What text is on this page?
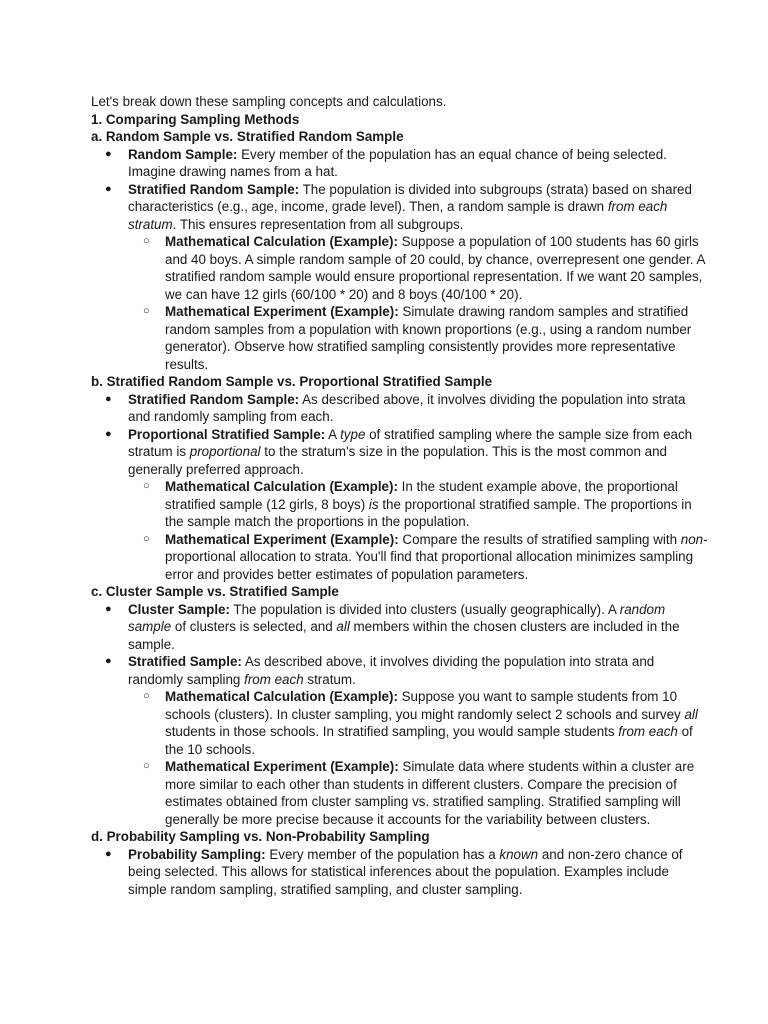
Let's break down these sampling concepts and calculations.

1. Comparing Sampling Methods

a. Random Sample vs. Stratified Random Sample

● Random Sample: Every member of the population has an equal chance of being selected. Imagine drawing names from a hat.
● Stratified Random Sample: The population is divided into subgroups (strata) based on shared characteristics (e.g., age, income, grade level). Then, a random sample is drawn from each stratum. This ensures representation from all subgroups.
○ Mathematical Calculation (Example): Suppose a population of 100 students has 60 girls and 40 boys. A simple random sample of 20 could, by chance, overrepresent one gender. A stratified random sample would ensure proportional representation. If we want 20 samples, we can have 12 girls (60/100 * 20) and 8 boys (40/100 * 20).
○ Mathematical Experiment (Example): Simulate drawing random samples and stratified random samples from a population with known proportions (e.g., using a random number generator). Observe how stratified sampling consistently provides more representative results.

b. Stratified Random Sample vs. Proportional Stratified Sample

● Stratified Random Sample: As described above, it involves dividing the population into strata and randomly sampling from each.
● Proportional Stratified Sample: A type of stratified sampling where the sample size from each stratum is proportional to the stratum's size in the population. This is the most common and generally preferred approach.
○ Mathematical Calculation (Example): In the student example above, the proportional stratified sample (12 girls, 8 boys) is the proportional stratified sample. The proportions in the sample match the proportions in the population.
○ Mathematical Experiment (Example): Compare the results of stratified sampling with non-proportional allocation to strata. You'll find that proportional allocation minimizes sampling error and provides better estimates of population parameters.

c. Cluster Sample vs. Stratified Sample

● Cluster Sample: The population is divided into clusters (usually geographically). A random sample of clusters is selected, and all members within the chosen clusters are included in the sample.
● Stratified Sample: As described above, it involves dividing the population into strata and randomly sampling from each stratum.
○ Mathematical Calculation (Example): Suppose you want to sample students from 10 schools (clusters). In cluster sampling, you might randomly select 2 schools and survey all students in those schools. In stratified sampling, you would sample students from each of the 10 schools.
○ Mathematical Experiment (Example): Simulate data where students within a cluster are more similar to each other than students in different clusters. Compare the precision of estimates obtained from cluster sampling vs. stratified sampling. Stratified sampling will generally be more precise because it accounts for the variability between clusters.

d. Probability Sampling vs. Non-Probability Sampling

● Probability Sampling: Every member of the population has a known and non-zero chance of being selected. This allows for statistical inferences about the population. Examples include simple random sampling, stratified sampling, and cluster sampling.
